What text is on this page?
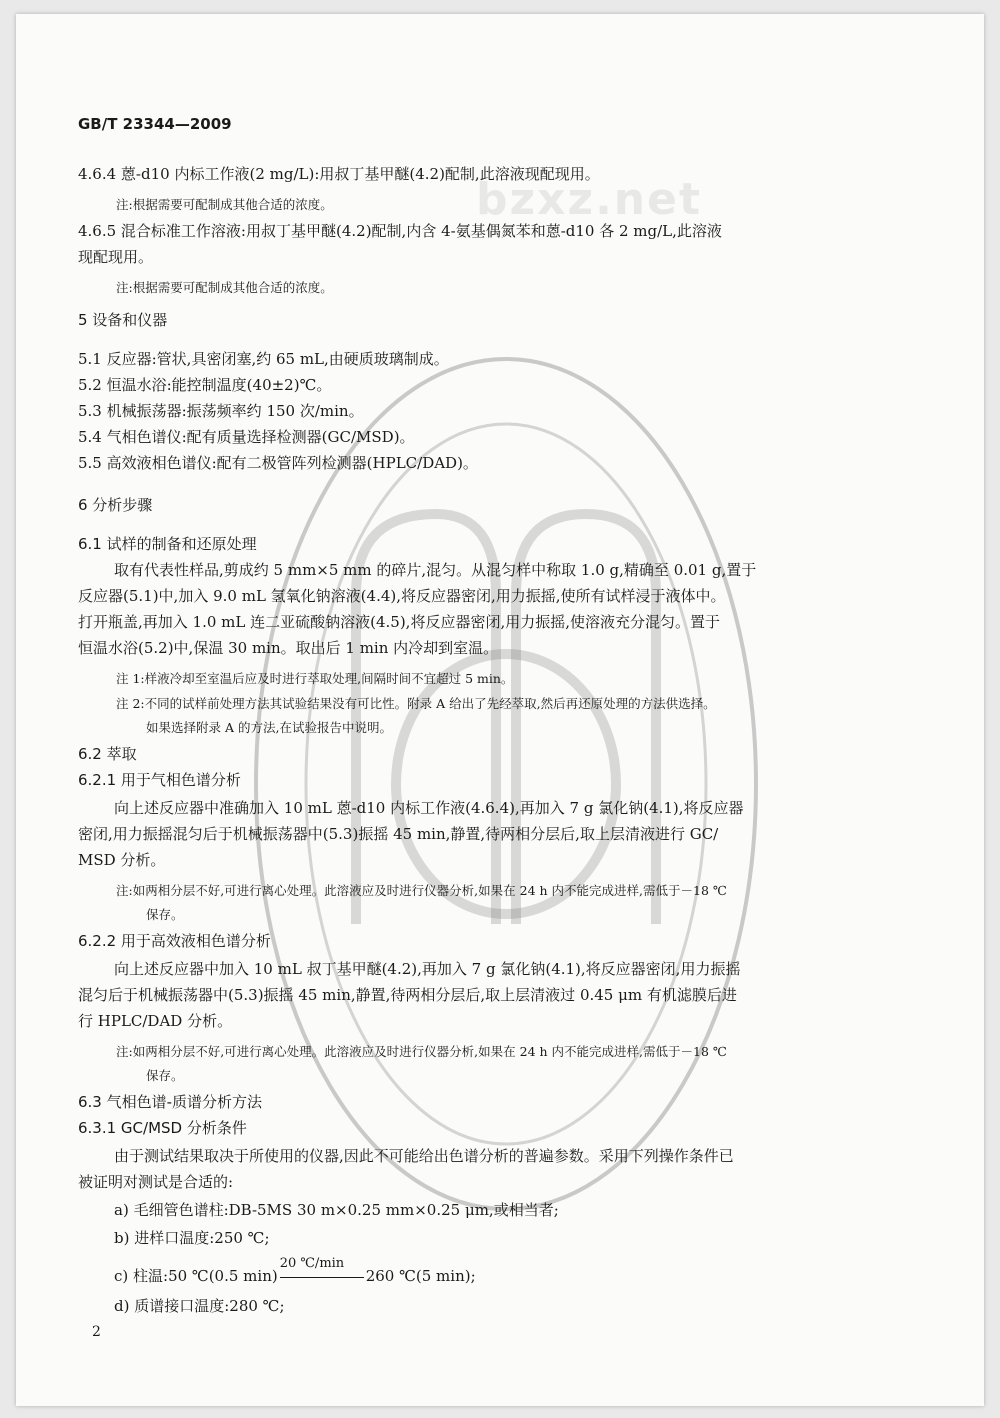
bzxz.net
GB/T 23344—2009
4.6.4 蒽-d10 内标工作液(2 mg/L):用叔丁基甲醚(4.2)配制,此溶液现配现用。
注:根据需要可配制成其他合适的浓度。
4.6.5 混合标准工作溶液:用叔丁基甲醚(4.2)配制,内含 4-氨基偶氮苯和蒽-d10 各 2 mg/L,此溶液
现配现用。
注:根据需要可配制成其他合适的浓度。
5 设备和仪器
5.1 反应器:管状,具密闭塞,约 65 mL,由硬质玻璃制成。
5.2 恒温水浴:能控制温度(40±2)℃。
5.3 机械振荡器:振荡频率约 150 次/min。
5.4 气相色谱仪:配有质量选择检测器(GC/MSD)。
5.5 高效液相色谱仪:配有二极管阵列检测器(HPLC/DAD)。
6 分析步骤
6.1 试样的制备和还原处理
取有代表性样品,剪成约 5 mm×5 mm 的碎片,混匀。从混匀样中称取 1.0 g,精确至 0.01 g,置于
反应器(5.1)中,加入 9.0 mL 氢氧化钠溶液(4.4),将反应器密闭,用力振摇,使所有试样浸于液体中。
打开瓶盖,再加入 1.0 mL 连二亚硫酸钠溶液(4.5),将反应器密闭,用力振摇,使溶液充分混匀。置于
恒温水浴(5.2)中,保温 30 min。取出后 1 min 内冷却到室温。
注 1:样液冷却至室温后应及时进行萃取处理,间隔时间不宜超过 5 min。
注 2:不同的试样前处理方法其试验结果没有可比性。附录 A 给出了先经萃取,然后再还原处理的方法供选择。
如果选择附录 A 的方法,在试验报告中说明。
6.2 萃取
6.2.1 用于气相色谱分析
向上述反应器中准确加入 10 mL 蒽-d10 内标工作液(4.6.4),再加入 7 g 氯化钠(4.1),将反应器
密闭,用力振摇混匀后于机械振荡器中(5.3)振摇 45 min,静置,待两相分层后,取上层清液进行 GC/
MSD 分析。
注:如两相分层不好,可进行离心处理。此溶液应及时进行仪器分析,如果在 24 h 内不能完成进样,需低于－18 ℃
保存。
6.2.2 用于高效液相色谱分析
向上述反应器中加入 10 mL 叔丁基甲醚(4.2),再加入 7 g 氯化钠(4.1),将反应器密闭,用力振摇
混匀后于机械振荡器中(5.3)振摇 45 min,静置,待两相分层后,取上层清液过 0.45 μm 有机滤膜后进
行 HPLC/DAD 分析。
注:如两相分层不好,可进行离心处理。此溶液应及时进行仪器分析,如果在 24 h 内不能完成进样,需低于－18 ℃
保存。
6.3 气相色谱-质谱分析方法
6.3.1 GC/MSD 分析条件
由于测试结果取决于所使用的仪器,因此不可能给出色谱分析的普遍参数。采用下列操作条件已
被证明对测试是合适的:
a) 毛细管色谱柱:DB-5MS 30 m×0.25 mm×0.25 μm,或相当者;
b) 进样口温度:250 ℃;
c) 柱温:50 ℃(0.5 min)
20 ℃/min
260 ℃(5 min);
d) 质谱接口温度:280 ℃;
2
